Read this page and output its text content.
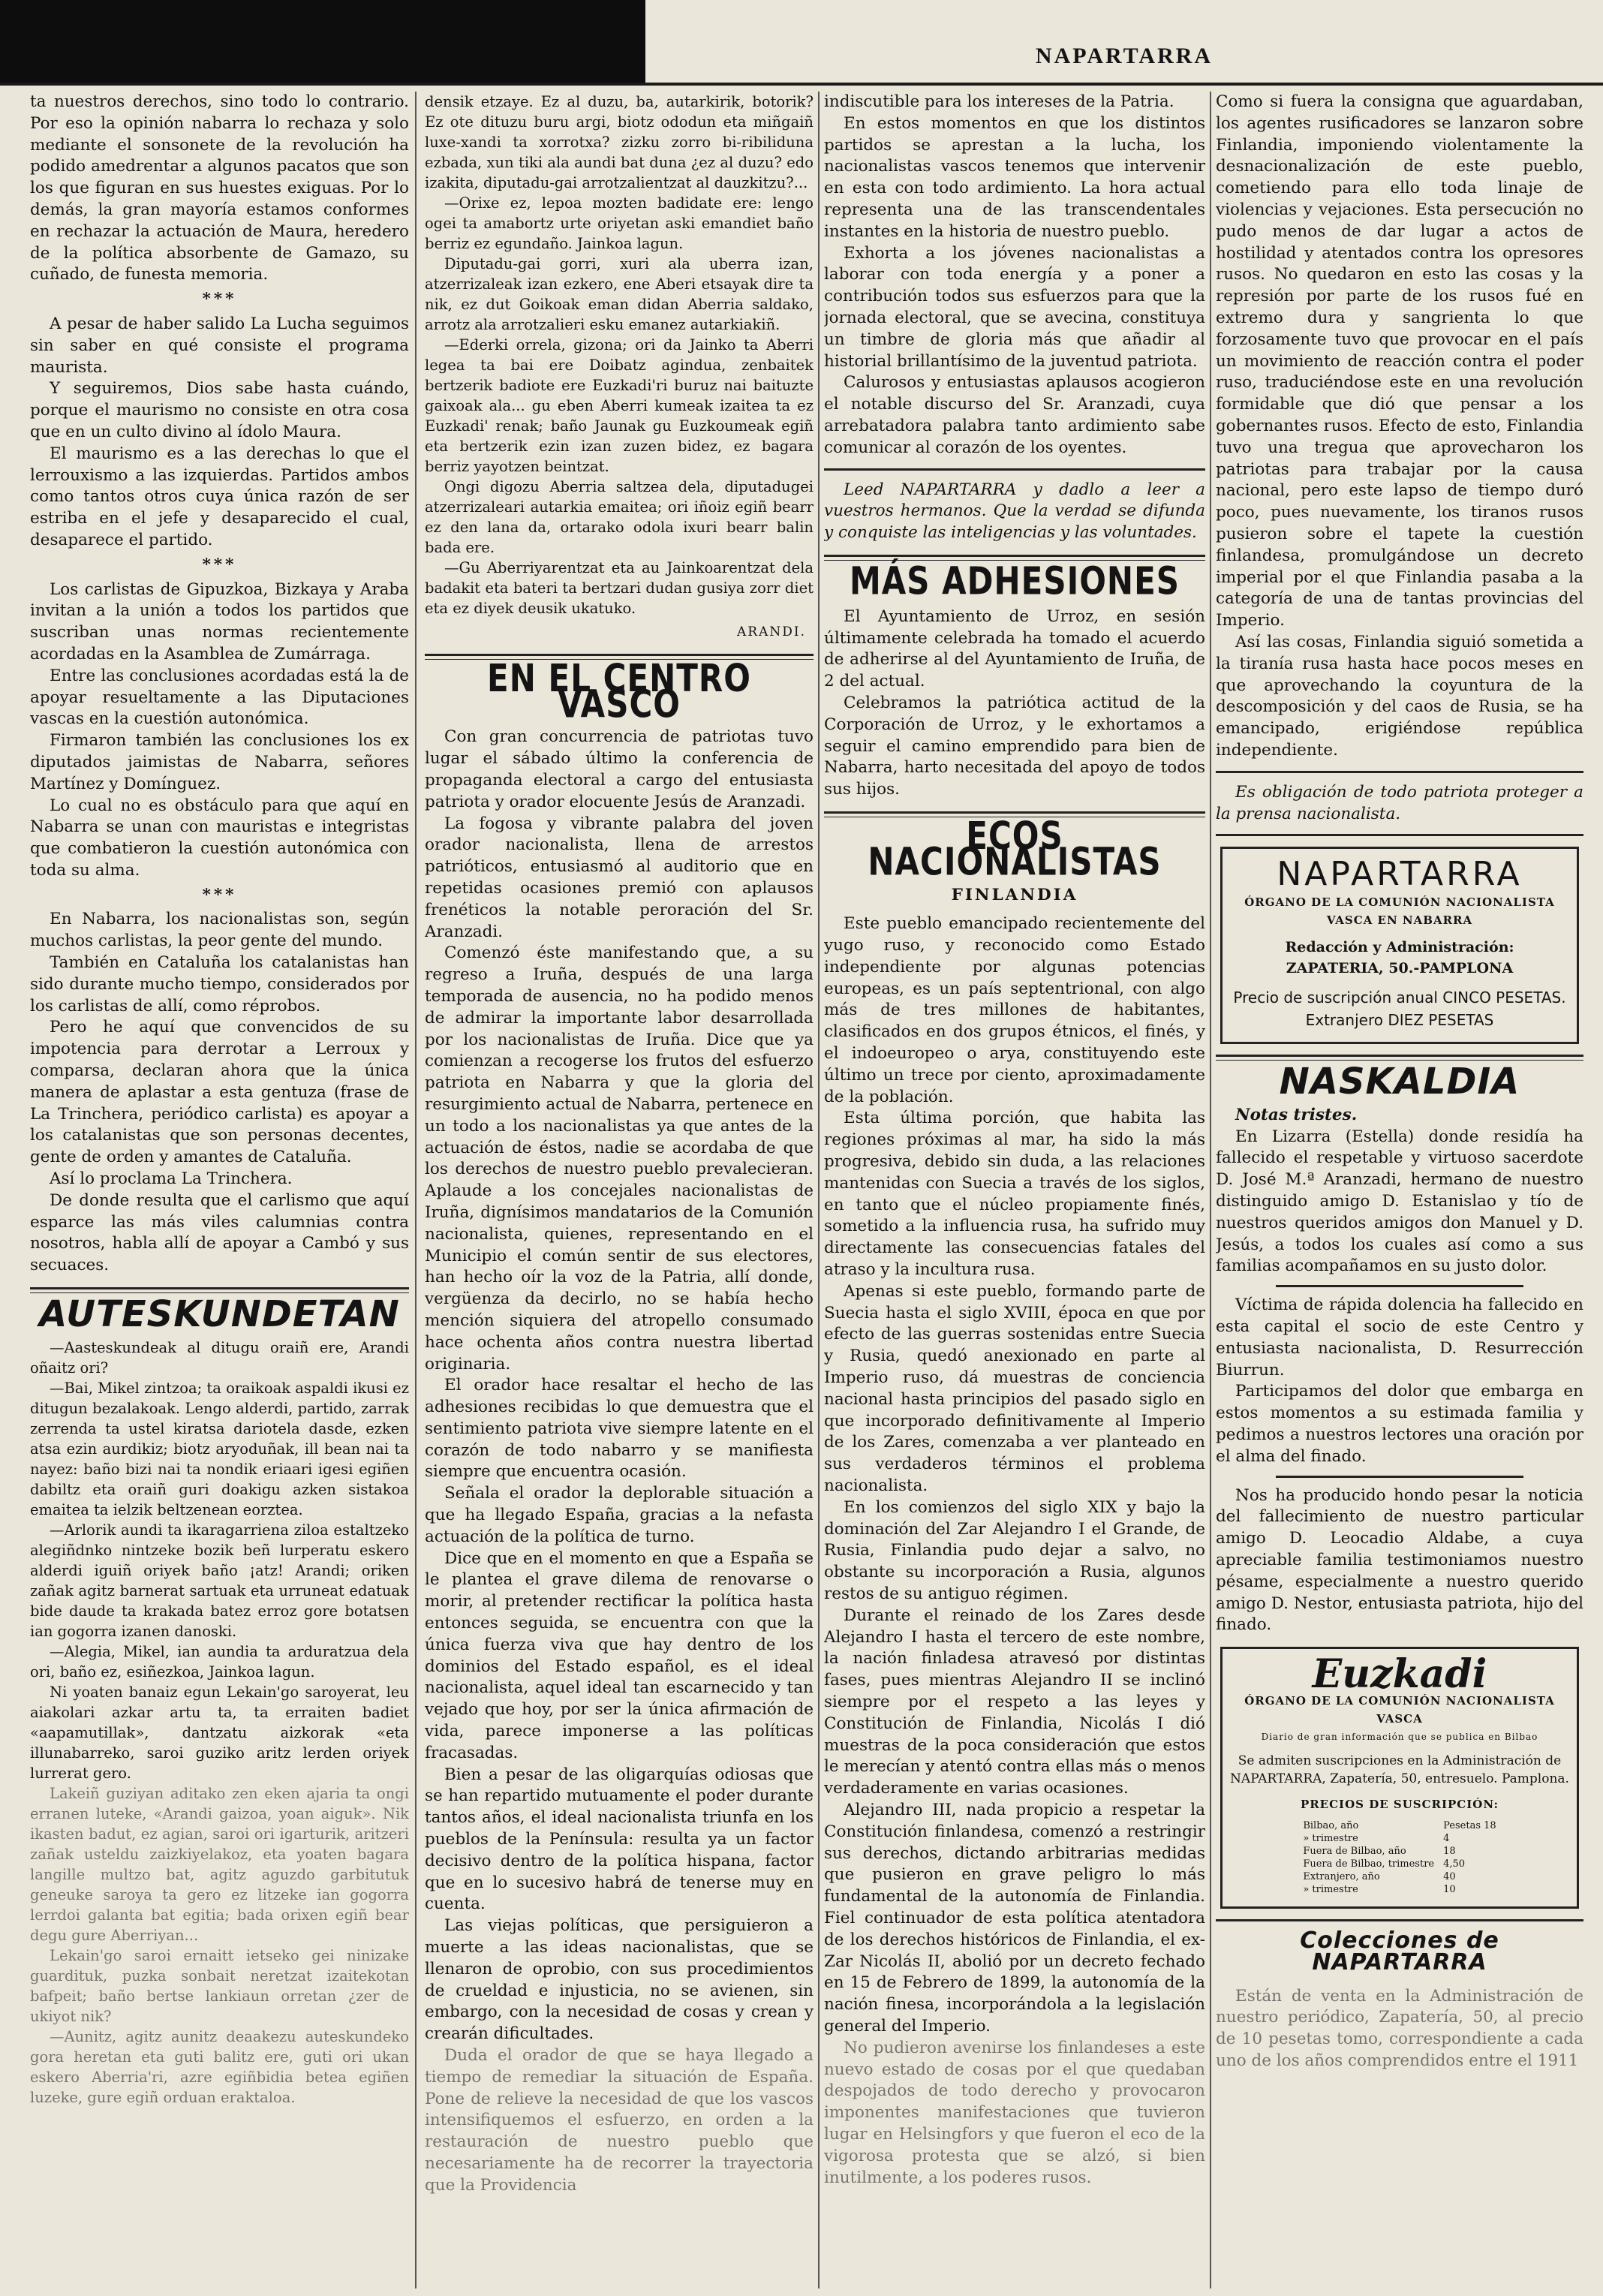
NAPARTARRA

ta nuestros derechos, sino todo lo contrario. Por eso la opinión nabarra lo rechaza y solo mediante el sonsonete de la revolución ha podido amedrentar a algunos pacatos que son los que figuran en sus huestes exiguas. Por lo demás, la gran mayoría estamos conformes en rechazar la actuación de Maura, heredero de la política absorbente de Gamazo, su cuñado, de funesta memoria.

***

A pesar de haber salido La Lucha seguimos sin saber en qué consiste el programa maurista.

Y seguiremos, Dios sabe hasta cuándo, porque el maurismo no consiste en otra cosa que en un culto divino al ídolo Maura.

El maurismo es a las derechas lo que el lerrouxismo a las izquierdas. Partidos ambos como tantos otros cuya única razón de ser estriba en el jefe y desaparecido el cual, desaparece el partido.

***

Los carlistas de Gipuzkoa, Bizkaya y Araba invitan a la unión a todos los partidos que suscriban unas normas recientemente acordadas en la Asamblea de Zumárraga.

Entre las conclusiones acordadas está la de apoyar resueltamente a las Diputaciones vascas en la cuestión autonómica.

Firmaron también las conclusiones los ex diputados jaimistas de Nabarra, señores Martínez y Domínguez.

Lo cual no es obstáculo para que aquí en Nabarra se unan con mauristas e integristas que combatieron la cuestión autonómica con toda su alma.

***

En Nabarra, los nacionalistas son, según muchos carlistas, la peor gente del mundo.

También en Cataluña los catalanistas han sido durante mucho tiempo, considerados por los carlistas de allí, como réprobos.

Pero he aquí que convencidos de su impotencia para derrotar a Lerroux y comparsa, declaran ahora que la única manera de aplastar a esta gentuza (frase de La Trinchera, periódico carlista) es apoyar a los catalanistas que son personas decentes, gente de orden y amantes de Cataluña.

Así lo proclama La Trinchera.

De donde resulta que el carlismo que aquí esparce las más viles calumnias contra nosotros, habla allí de apoyar a Cambó y sus secuaces.

AUTESKUNDETAN

—Aasteskundeak al ditugu oraiñ ere, Arandi oñaitz ori?

—Bai, Mikel zintzoa; ta oraikoak aspaldi ikusi ez ditugun bezalakoak. Lengo alderdi, partido, zarrak zerrenda ta ustel kiratsa dariotela dasde, ezken atsa ezin aurdikiz; biotz aryoduñak, ill bean nai ta nayez: baño bizi nai ta nondik eriaari igesi egiñen dabiltz eta oraiñ guri doakigu azken sistakoa emaitea ta ielzik beltzenean eorztea.

—Arlorik aundi ta ikaragarriena ziloa estaltzeko alegiñdnko nintzeke bozik beñ lurperatu eskero alderdi iguiñ oriyek baño ¡atz! Arandi; oriken zañak agitz barnerat sartuak eta urruneat edatuak bide daude ta krakada batez erroz gore botatsen ian gogorra izanen danoski.

—Alegia, Mikel, ian aundia ta arduratzua dela ori, baño ez, esiñezkoa, Jainkoa lagun.

Ni yoaten banaiz egun Lekain'go saroyerat, leu aiakolari azkar artu ta, ta erraiten badiet «aapamutillak», dantzatu aizkorak «eta illunabarreko, saroi guziko aritz lerden oriyek lurrerat gero.

Lakeiñ guziyan aditako zen eken ajaria ta ongi erranen luteke, «Arandi gaizoa, yoan aiguk». Nik ikasten badut, ez agian, saroi ori igarturik, aritzeri zañak usteldu zaizkiyelakoz, eta yoaten bagara langille multzo bat, agitz aguzdo garbitutuk geneuke saroya ta gero ez litzeke ian gogorra lerrdoi galanta bat egitia; bada orixen egiñ bear degu gure Aberriyan...

Lekain'go saroi ernaitt ietseko gei ninizake guardituk, puzka sonbait neretzat izaitekotan bafpeit; baño bertse lankiaun orretan ¿zer de ukiyot nik?

—Aunitz, agitz aunitz deaakezu auteskundeko gora heretan eta guti balitz ere, guti ori ukan eskero Aberria'ri, azre egiñbidia betea egiñen luzeke, gure egiñ orduan eraktaloa.

densik etzaye. Ez al duzu, ba, autarkirik, botorik? Ez ote dituzu buru argi, biotz ododun eta miñgaiñ luxe-xandi ta xorrotxa? zizku zorro bi-ribiliduna ezbada, xun tiki ala aundi bat duna ¿ez al duzu? edo izakita, diputadu-gai arrotzalientzat al dauzkitzu?...

—Orixe ez, lepoa mozten badidate ere: lengo ogei ta amabortz urte oriyetan aski emandiet baño berriz ez egundaño. Jainkoa lagun.

Diputadu-gai gorri, xuri ala uberra izan, atzerrizaleak izan ezkero, ene Aberi etsayak dire ta nik, ez dut Goikoak eman didan Aberria saldako, arrotz ala arrotzalieri esku emanez autarkiakiñ.

—Ederki orrela, gizona; ori da Jainko ta Aberri legea ta bai ere Doibatz agindua, zenbaitek bertzerik badiote ere Euzkadi'ri buruz nai baituzte gaixoak ala... gu eben Aberri kumeak izaitea ta ez Euzkadi' renak; baño Jaunak gu Euzkoumeak egiñ eta bertzerik ezin izan zuzen bidez, ez bagara berriz yayotzen beintzat.

Ongi digozu Aberria saltzea dela, diputadugei atzerrizaleari autarkia emaitea; ori iñoiz egiñ bearr ez den lana da, ortarako odola ixuri bearr balin bada ere.

—Gu Aberriyarentzat eta au Jainkoarentzat dela badakit eta bateri ta bertzari dudan gusiya zorr diet eta ez diyek deusik ukatuko.

ARANDI.
EN EL CENTRO VASCO

Con gran concurrencia de patriotas tuvo lugar el sábado último la conferencia de propaganda electoral a cargo del entusiasta patriota y orador elocuente Jesús de Aranzadi.

La fogosa y vibrante palabra del joven orador nacionalista, llena de arrestos patrióticos, entusiasmó al auditorio que en repetidas ocasiones premió con aplausos frenéticos la notable peroración del Sr. Aranzadi.

Comenzó éste manifestando que, a su regreso a Iruña, después de una larga temporada de ausencia, no ha podido menos de admirar la importante labor desarrollada por los nacionalistas de Iruña. Dice que ya comienzan a recogerse los frutos del esfuerzo patriota en Nabarra y que la gloria del resurgimiento actual de Nabarra, pertenece en un todo a los nacionalistas ya que antes de la actuación de éstos, nadie se acordaba de que los derechos de nuestro pueblo prevalecieran. Aplaude a los concejales nacionalistas de Iruña, dignísimos mandatarios de la Comunión nacionalista, quienes, representando en el Municipio el común sentir de sus electores, han hecho oír la voz de la Patria, allí donde, vergüenza da decirlo, no se había hecho mención siquiera del atropello consumado hace ochenta años contra nuestra libertad originaria.

El orador hace resaltar el hecho de las adhesiones recibidas lo que demuestra que el sentimiento patriota vive siempre latente en el corazón de todo nabarro y se manifiesta siempre que encuentra ocasión.

Señala el orador la deplorable situación a que ha llegado España, gracias a la nefasta actuación de la política de turno.

Dice que en el momento en que a España se le plantea el grave dilema de renovarse o morir, al pretender rectificar la política hasta entonces seguida, se encuentra con que la única fuerza viva que hay dentro de los dominios del Estado español, es el ideal nacionalista, aquel ideal tan escarnecido y tan vejado que hoy, por ser la única afirmación de vida, parece imponerse a las políticas fracasadas.

Bien a pesar de las oligarquías odiosas que se han repartido mutuamente el poder durante tantos años, el ideal nacionalista triunfa en los pueblos de la Península: resulta ya un factor decisivo dentro de la política hispana, factor que en lo sucesivo habrá de tenerse muy en cuenta.

Las viejas políticas, que persiguieron a muerte a las ideas nacionalistas, que se llenaron de oprobio, con sus procedimientos de crueldad e injusticia, no se avienen, sin embargo, con la necesidad de cosas y crean y crearán dificultades.

Duda el orador de que se haya llegado a tiempo de remediar la situación de España. Pone de relieve la necesidad de que los vascos intensifiquemos el esfuerzo, en orden a la restauración de nuestro pueblo que necesariamente ha de recorrer la trayectoria que la Providencia

indiscutible para los intereses de la Patria.

En estos momentos en que los distintos partidos se aprestan a la lucha, los nacionalistas vascos tenemos que intervenir en esta con todo ardimiento. La hora actual representa una de las transcendentales instantes en la historia de nuestro pueblo.

Exhorta a los jóvenes nacionalistas a laborar con toda energía y a poner a contribución todos sus esfuerzos para que la jornada electoral, que se avecina, constituya un timbre de gloria más que añadir al historial brillantísimo de la juventud patriota.

Calurosos y entusiastas aplausos acogieron el notable discurso del Sr. Aranzadi, cuya arrebatadora palabra tanto ardimiento sabe comunicar al corazón de los oyentes.

Leed NAPARTARRA y dadlo a leer a vuestros hermanos. Que la verdad se difunda y conquiste las inteligencias y las voluntades.

MÁS ADHESIONES

El Ayuntamiento de Urroz, en sesión últimamente celebrada ha tomado el acuerdo de adherirse al del Ayuntamiento de Iruña, de 2 del actual.

Celebramos la patriótica actitud de la Corporación de Urroz, y le exhortamos a seguir el camino emprendido para bien de Nabarra, harto necesitada del apoyo de todos sus hijos.

ECOS NACIONALISTAS
FINLANDIA

Este pueblo emancipado recientemente del yugo ruso, y reconocido como Estado independiente por algunas potencias europeas, es un país septentrional, con algo más de tres millones de habitantes, clasificados en dos grupos étnicos, el finés, y el indoeuropeo o arya, constituyendo este último un trece por ciento, aproximadamente de la población.

Esta última porción, que habita las regiones próximas al mar, ha sido la más progresiva, debido sin duda, a las relaciones mantenidas con Suecia a través de los siglos, en tanto que el núcleo propiamente finés, sometido a la influencia rusa, ha sufrido muy directamente las consecuencias fatales del atraso y la incultura rusa.

Apenas si este pueblo, formando parte de Suecia hasta el siglo XVIII, época en que por efecto de las guerras sostenidas entre Suecia y Rusia, quedó anexionado en parte al Imperio ruso, dá muestras de conciencia nacional hasta principios del pasado siglo en que incorporado definitivamente al Imperio de los Zares, comenzaba a ver planteado en sus verdaderos términos el problema nacionalista.

En los comienzos del siglo XIX y bajo la dominación del Zar Alejandro I el Grande, de Rusia, Finlandia pudo dejar a salvo, no obstante su incorporación a Rusia, algunos restos de su antiguo régimen.

Durante el reinado de los Zares desde Alejandro I hasta el tercero de este nombre, la nación finladesa atravesó por distintas fases, pues mientras Alejandro II se inclinó siempre por el respeto a las leyes y Constitución de Finlandia, Nicolás I dió muestras de la poca consideración que estos le merecían y atentó contra ellas más o menos verdaderamente en varias ocasiones.

Alejandro III, nada propicio a respetar la Constitución finlandesa, comenzó a restringir sus derechos, dictando arbitrarias medidas que pusieron en grave peligro lo más fundamental de la autonomía de Finlandia. Fiel continuador de esta política atentadora de los derechos históricos de Finlandia, el ex-Zar Nicolás II, abolió por un decreto fechado en 15 de Febrero de 1899, la autonomía de la nación finesa, incorporándola a la legislación general del Imperio.

No pudieron avenirse los finlandeses a este nuevo estado de cosas por el que quedaban despojados de todo derecho y provocaron imponentes manifestaciones que tuvieron lugar en Helsingfors y que fueron el eco de la vigorosa protesta que se alzó, si bien inutilmente, a los poderes rusos.

Como si fuera la consigna que aguardaban, los agentes rusificadores se lanzaron sobre Finlandia, imponiendo violentamente la desnacionalización de este pueblo, cometiendo para ello toda linaje de violencias y vejaciones. Esta persecución no pudo menos de dar lugar a actos de hostilidad y atentados contra los opresores rusos. No quedaron en esto las cosas y la represión por parte de los rusos fué en extremo dura y sangrienta lo que forzosamente tuvo que provocar en el país un movimiento de reacción contra el poder ruso, traduciéndose este en una revolución formidable que dió que pensar a los gobernantes rusos. Efecto de esto, Finlandia tuvo una tregua que aprovecharon los patriotas para trabajar por la causa nacional, pero este lapso de tiempo duró poco, pues nuevamente, los tiranos rusos pusieron sobre el tapete la cuestión finlandesa, promulgándose un decreto imperial por el que Finlandia pasaba a la categoría de una de tantas provincias del Imperio.

Así las cosas, Finlandia siguió sometida a la tiranía rusa hasta hace pocos meses en que aprovechando la coyuntura de la descomposición y del caos de Rusia, se ha emancipado, erigiéndose república independiente.

Es obligación de todo patriota proteger a la prensa nacionalista.

NAPARTARRA
ÓRGANO DE LA COMUNIÓN NACIONALISTA VASCA EN NABARRA
Redacción y Administración:
ZAPATERIA, 50.-PAMPLONA
Precio de suscripción anual CINCO PESETAS. Extranjero DIEZ PESETAS
NASKALDIA

Notas tristes.

En Lizarra (Estella) donde residía ha fallecido el respetable y virtuoso sacerdote D. José M.ª Aranzadi, hermano de nuestro distinguido amigo D. Estanislao y tío de nuestros queridos amigos don Manuel y D. Jesús, a todos los cuales así como a sus familias acompañamos en su justo dolor.

Víctima de rápida dolencia ha fallecido en esta capital el socio de este Centro y entusiasta nacionalista, D. Resurrección Biurrun.

Participamos del dolor que embarga en estos momentos a su estimada familia y pedimos a nuestros lectores una oración por el alma del finado.

Nos ha producido hondo pesar la noticia del fallecimiento de nuestro particular amigo D. Leocadio Aldabe, a cuya apreciable familia testimoniamos nuestro pésame, especialmente a nuestro querido amigo D. Nestor, entusiasta patriota, hijo del finado.

Euzkadi
ÓRGANO DE LA COMUNIÓN NACIONALISTA VASCA
Diario de gran información que se publica en Bilbao
Se admiten suscripciones en la Administración de NAPARTARRA, Zapatería, 50, entresuelo. Pamplona.
PRECIOS DE SUSCRIPCIÓN:
Bilbao, año	Pesetas 18
» trimestre	4
Fuera de Bilbao, año	18
Fuera de Bilbao, trimestre	4,50
Extranjero, año	40
» trimestre	10
Colecciones de NAPARTARRA

Están de venta en la Administración de nuestro periódico, Zapatería, 50, al precio de 10 pesetas tomo, correspondiente a cada uno de los años comprendidos entre el 1911
